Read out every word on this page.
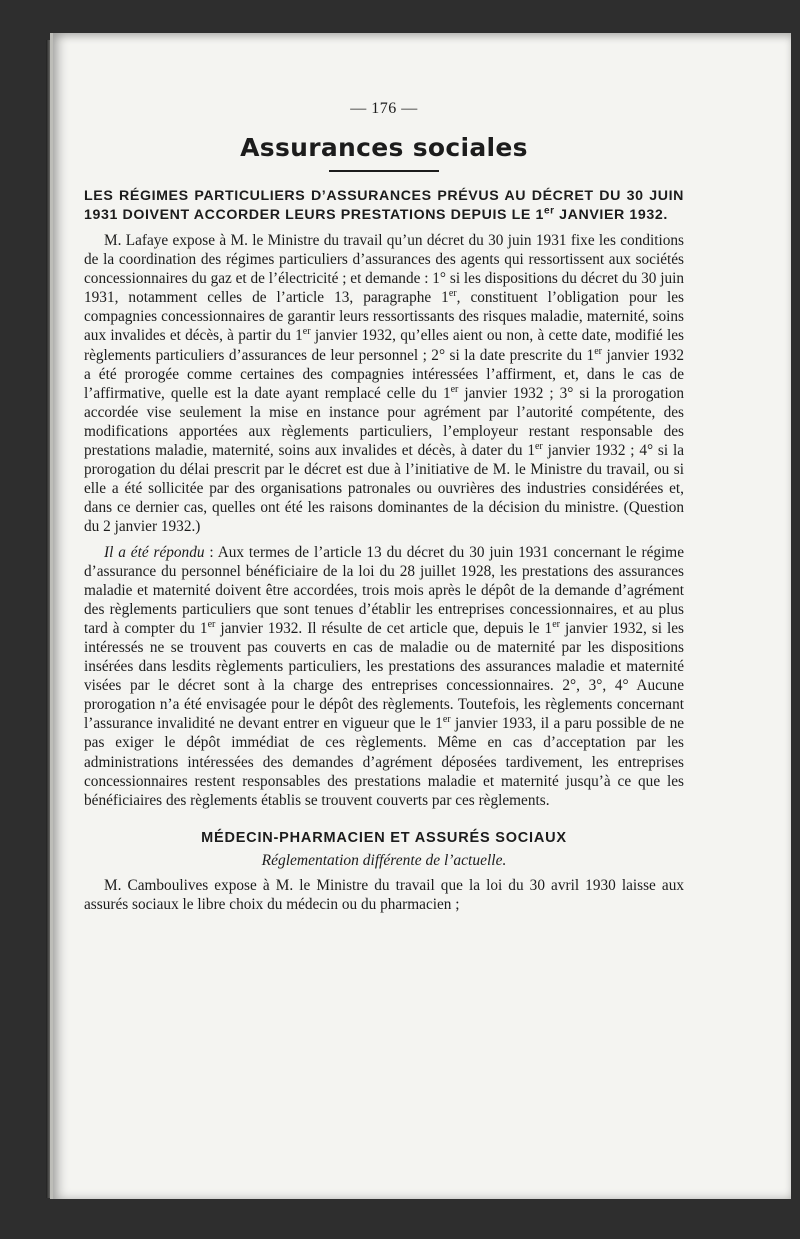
— 176 —
Assurances sociales
LES RÉGIMES PARTICULIERS D’ASSURANCES PRÉVUS AU DÉCRET DU 30 JUIN 1931 DOIVENT ACCORDER LEURS PRESTATIONS DEPUIS LE 1er JANVIER 1932.

M. Lafaye expose à M. le Ministre du travail qu’un décret du 30 juin 1931 fixe les conditions de la coordination des régimes particuliers d’assurances des agents qui ressortissent aux sociétés concessionnaires du gaz et de l’électricité ; et demande : 1° si les dispositions du décret du 30 juin 1931, notamment celles de l’article 13, paragraphe 1er, constituent l’obligation pour les compagnies concessionnaires de garantir leurs ressortissants des risques maladie, maternité, soins aux invalides et décès, à partir du 1er janvier 1932, qu’elles aient ou non, à cette date, modifié les règlements particuliers d’assurances de leur personnel ; 2° si la date prescrite du 1er janvier 1932 a été prorogée comme certaines des compagnies intéressées l’affirment, et, dans le cas de l’affirmative, quelle est la date ayant remplacé celle du 1er janvier 1932 ; 3° si la prorogation accordée vise seulement la mise en instance pour agrément par l’autorité compétente, des modifications apportées aux règlements particuliers, l’employeur restant responsable des prestations maladie, maternité, soins aux invalides et décès, à dater du 1er janvier 1932 ; 4° si la prorogation du délai prescrit par le décret est due à l’initiative de M. le Ministre du travail, ou si elle a été sollicitée par des organisations patronales ou ouvrières des industries considérées et, dans ce dernier cas, quelles ont été les raisons dominantes de la décision du ministre. (Question du 2 janvier 1932.)

Il a été répondu : Aux termes de l’article 13 du décret du 30 juin 1931 concernant le régime d’assurance du personnel bénéficiaire de la loi du 28 juillet 1928, les prestations des assurances maladie et maternité doivent être accordées, trois mois après le dépôt de la demande d’agrément des règlements particuliers que sont tenues d’établir les entreprises concessionnaires, et au plus tard à compter du 1er janvier 1932. Il résulte de cet article que, depuis le 1er janvier 1932, si les intéressés ne se trouvent pas couverts en cas de maladie ou de maternité par les dispositions insérées dans lesdits règlements particuliers, les prestations des assurances maladie et maternité visées par le décret sont à la charge des entreprises concessionnaires. 2°, 3°, 4° Aucune prorogation n’a été envisagée pour le dépôt des règlements. Toutefois, les règlements concernant l’assurance invalidité ne devant entrer en vigueur que le 1er janvier 1933, il a paru possible de ne pas exiger le dépôt immédiat de ces règlements. Même en cas d’acceptation par les administrations intéressées des demandes d’agrément déposées tardivement, les entreprises concessionnaires restent responsables des prestations maladie et maternité jusqu’à ce que les bénéficiaires des règlements établis se trouvent couverts par ces règlements.

MÉDECIN-PHARMACIEN ET ASSURÉS SOCIAUX
Réglementation différente de l’actuelle.

M. Camboulives expose à M. le Ministre du travail que la loi du 30 avril 1930 laisse aux assurés sociaux le libre choix du médecin ou du pharmacien ;
